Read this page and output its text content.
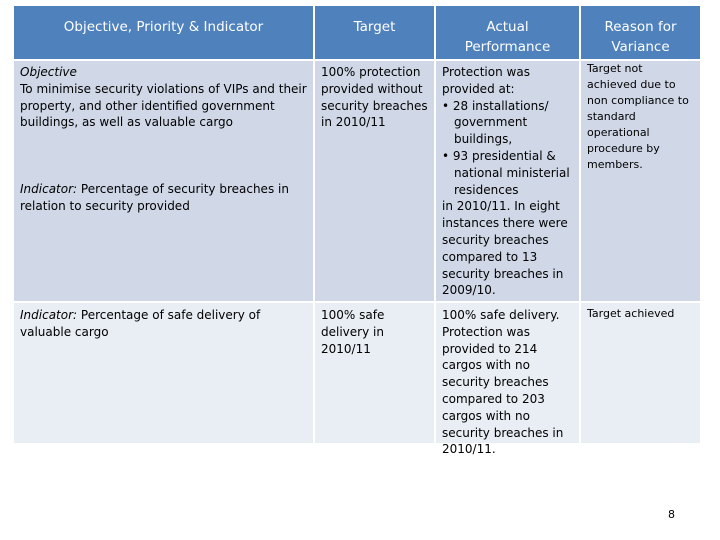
Objective, Priority & Indicator	Target	Actual Performance
Reason for Variance
Objective
To minimise security violations of VIPs and their property, and other identified government buildings, as well as valuable cargo
Indicator: Percentage of security breaches in relation to security provided
100% protection provided without security breaches in 2010/11
Protection was provided at:
• 28 installations/ government buildings,
• 93 presidential & national ministerial residences
in 2010/11. In eight instances there were security breaches compared to 13 security breaches in 2009/10.
Target not achieved due to non compliance to standard operational procedure by members.
Indicator: Percentage of safe delivery of valuable cargo
100% safe delivery in 2010/11
100% safe delivery. Protection was provided to 214 cargos with no security breaches compared to 203 cargos with no security breaches in 2010/11.
Target achieved
8
